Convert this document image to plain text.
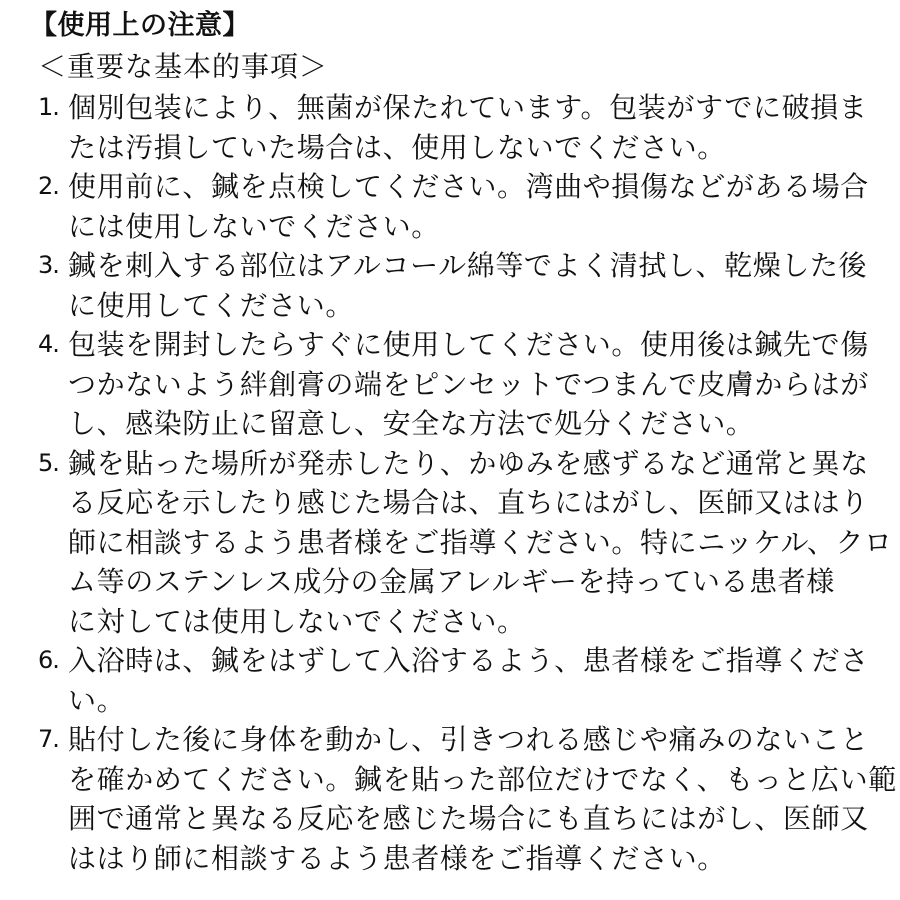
【使用上の注意】
＜重要な基本的事項＞
1. 個別包装により、無菌が保たれています。包装がすでに破損ま
たは汚損していた場合は、使用しないでください。
2. 使用前に、鍼を点検してください。湾曲や損傷などがある場合
には使用しないでください。
3. 鍼を刺入する部位はアルコール綿等でよく清拭し、乾燥した後
に使用してください。
4. 包装を開封したらすぐに使用してください。使用後は鍼先で傷
つかないよう絆創膏の端をピンセットでつまんで皮膚からはが
し、感染防止に留意し、安全な方法で処分ください。
5. 鍼を貼った場所が発赤したり、かゆみを感ずるなど通常と異な
る反応を示したり感じた場合は、直ちにはがし、医師又ははり
師に相談するよう患者様をご指導ください。特にニッケル、クロ
ム等のステンレス成分の金属アレルギーを持っている患者様
に対しては使用しないでください。
6. 入浴時は、鍼をはずして入浴するよう、患者様をご指導くださ
い。
7. 貼付した後に身体を動かし、引きつれる感じや痛みのないこと
を確かめてください。鍼を貼った部位だけでなく、もっと広い範
囲で通常と異なる反応を感じた場合にも直ちにはがし、医師又
ははり師に相談するよう患者様をご指導ください。
